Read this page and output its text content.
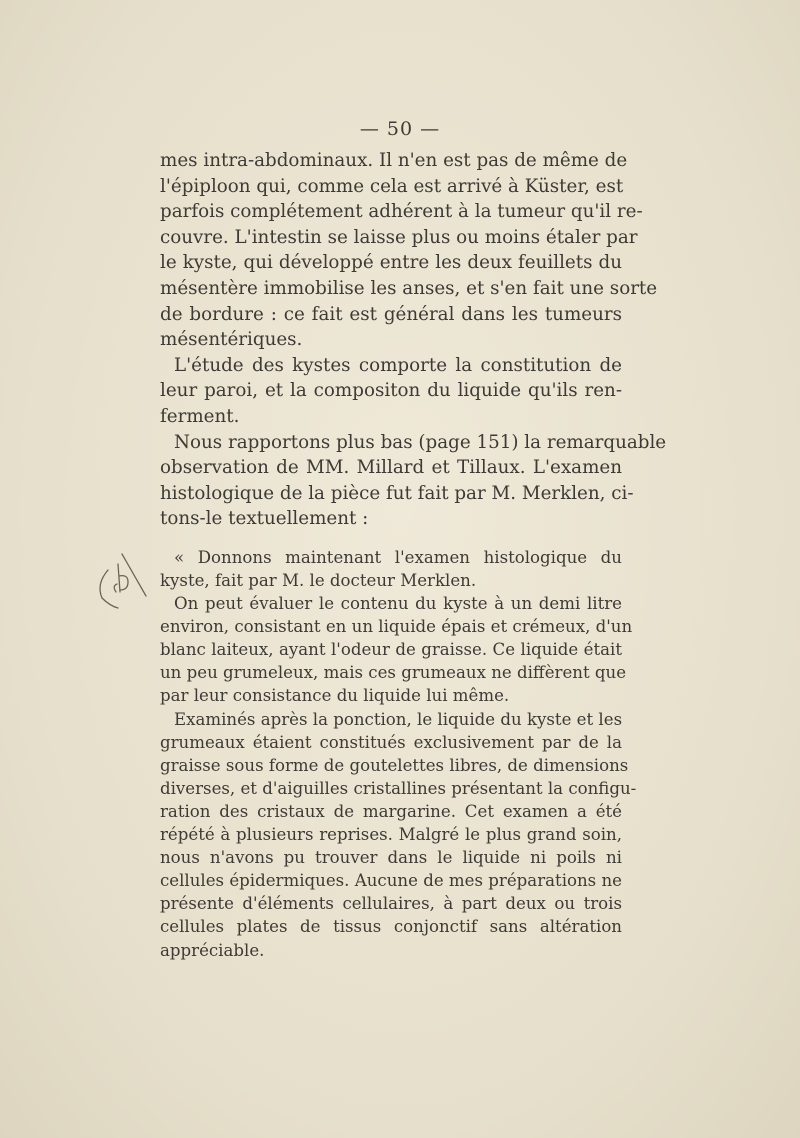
— 50 —
mes intra-abdominaux. Il n'en est pas de même de
l'épiploon qui, comme cela est arrivé à Küster, est
parfois complétement adhérent à la tumeur qu'il re-
couvre. L'intestin se laisse plus ou moins étaler par
le kyste, qui développé entre les deux feuillets du
mésentère immobilise les anses, et s'en fait une sorte
de bordure : ce fait est général dans les tumeurs
mésentériques.
L'étude des kystes comporte la constitution de
leur paroi, et la compositon du liquide qu'ils ren-
ferment.
Nous rapportons plus bas (page 151) la remarquable
observation de MM. Millard et Tillaux. L'examen
histologique de la pièce fut fait par M. Merklen, ci-
tons-le textuellement :
« Donnons maintenant l'examen histologique du
kyste, fait par M. le docteur Merklen.
On peut évaluer le contenu du kyste à un demi litre
environ, consistant en un liquide épais et crémeux, d'un
blanc laiteux, ayant l'odeur de graisse. Ce liquide était
un peu grumeleux, mais ces grumeaux ne diffèrent que
par leur consistance du liquide lui même.
Examinés après la ponction, le liquide du kyste et les
grumeaux étaient constitués exclusivement par de la
graisse sous forme de goutelettes libres, de dimensions
diverses, et d'aiguilles cristallines présentant la configu-
ration des cristaux de margarine. Cet examen a été
répété à plusieurs reprises. Malgré le plus grand soin,
nous n'avons pu trouver dans le liquide ni poils ni
cellules épidermiques. Aucune de mes préparations ne
présente d'éléments cellulaires, à part deux ou trois
cellules plates de tissus conjonctif sans altération
appréciable.
